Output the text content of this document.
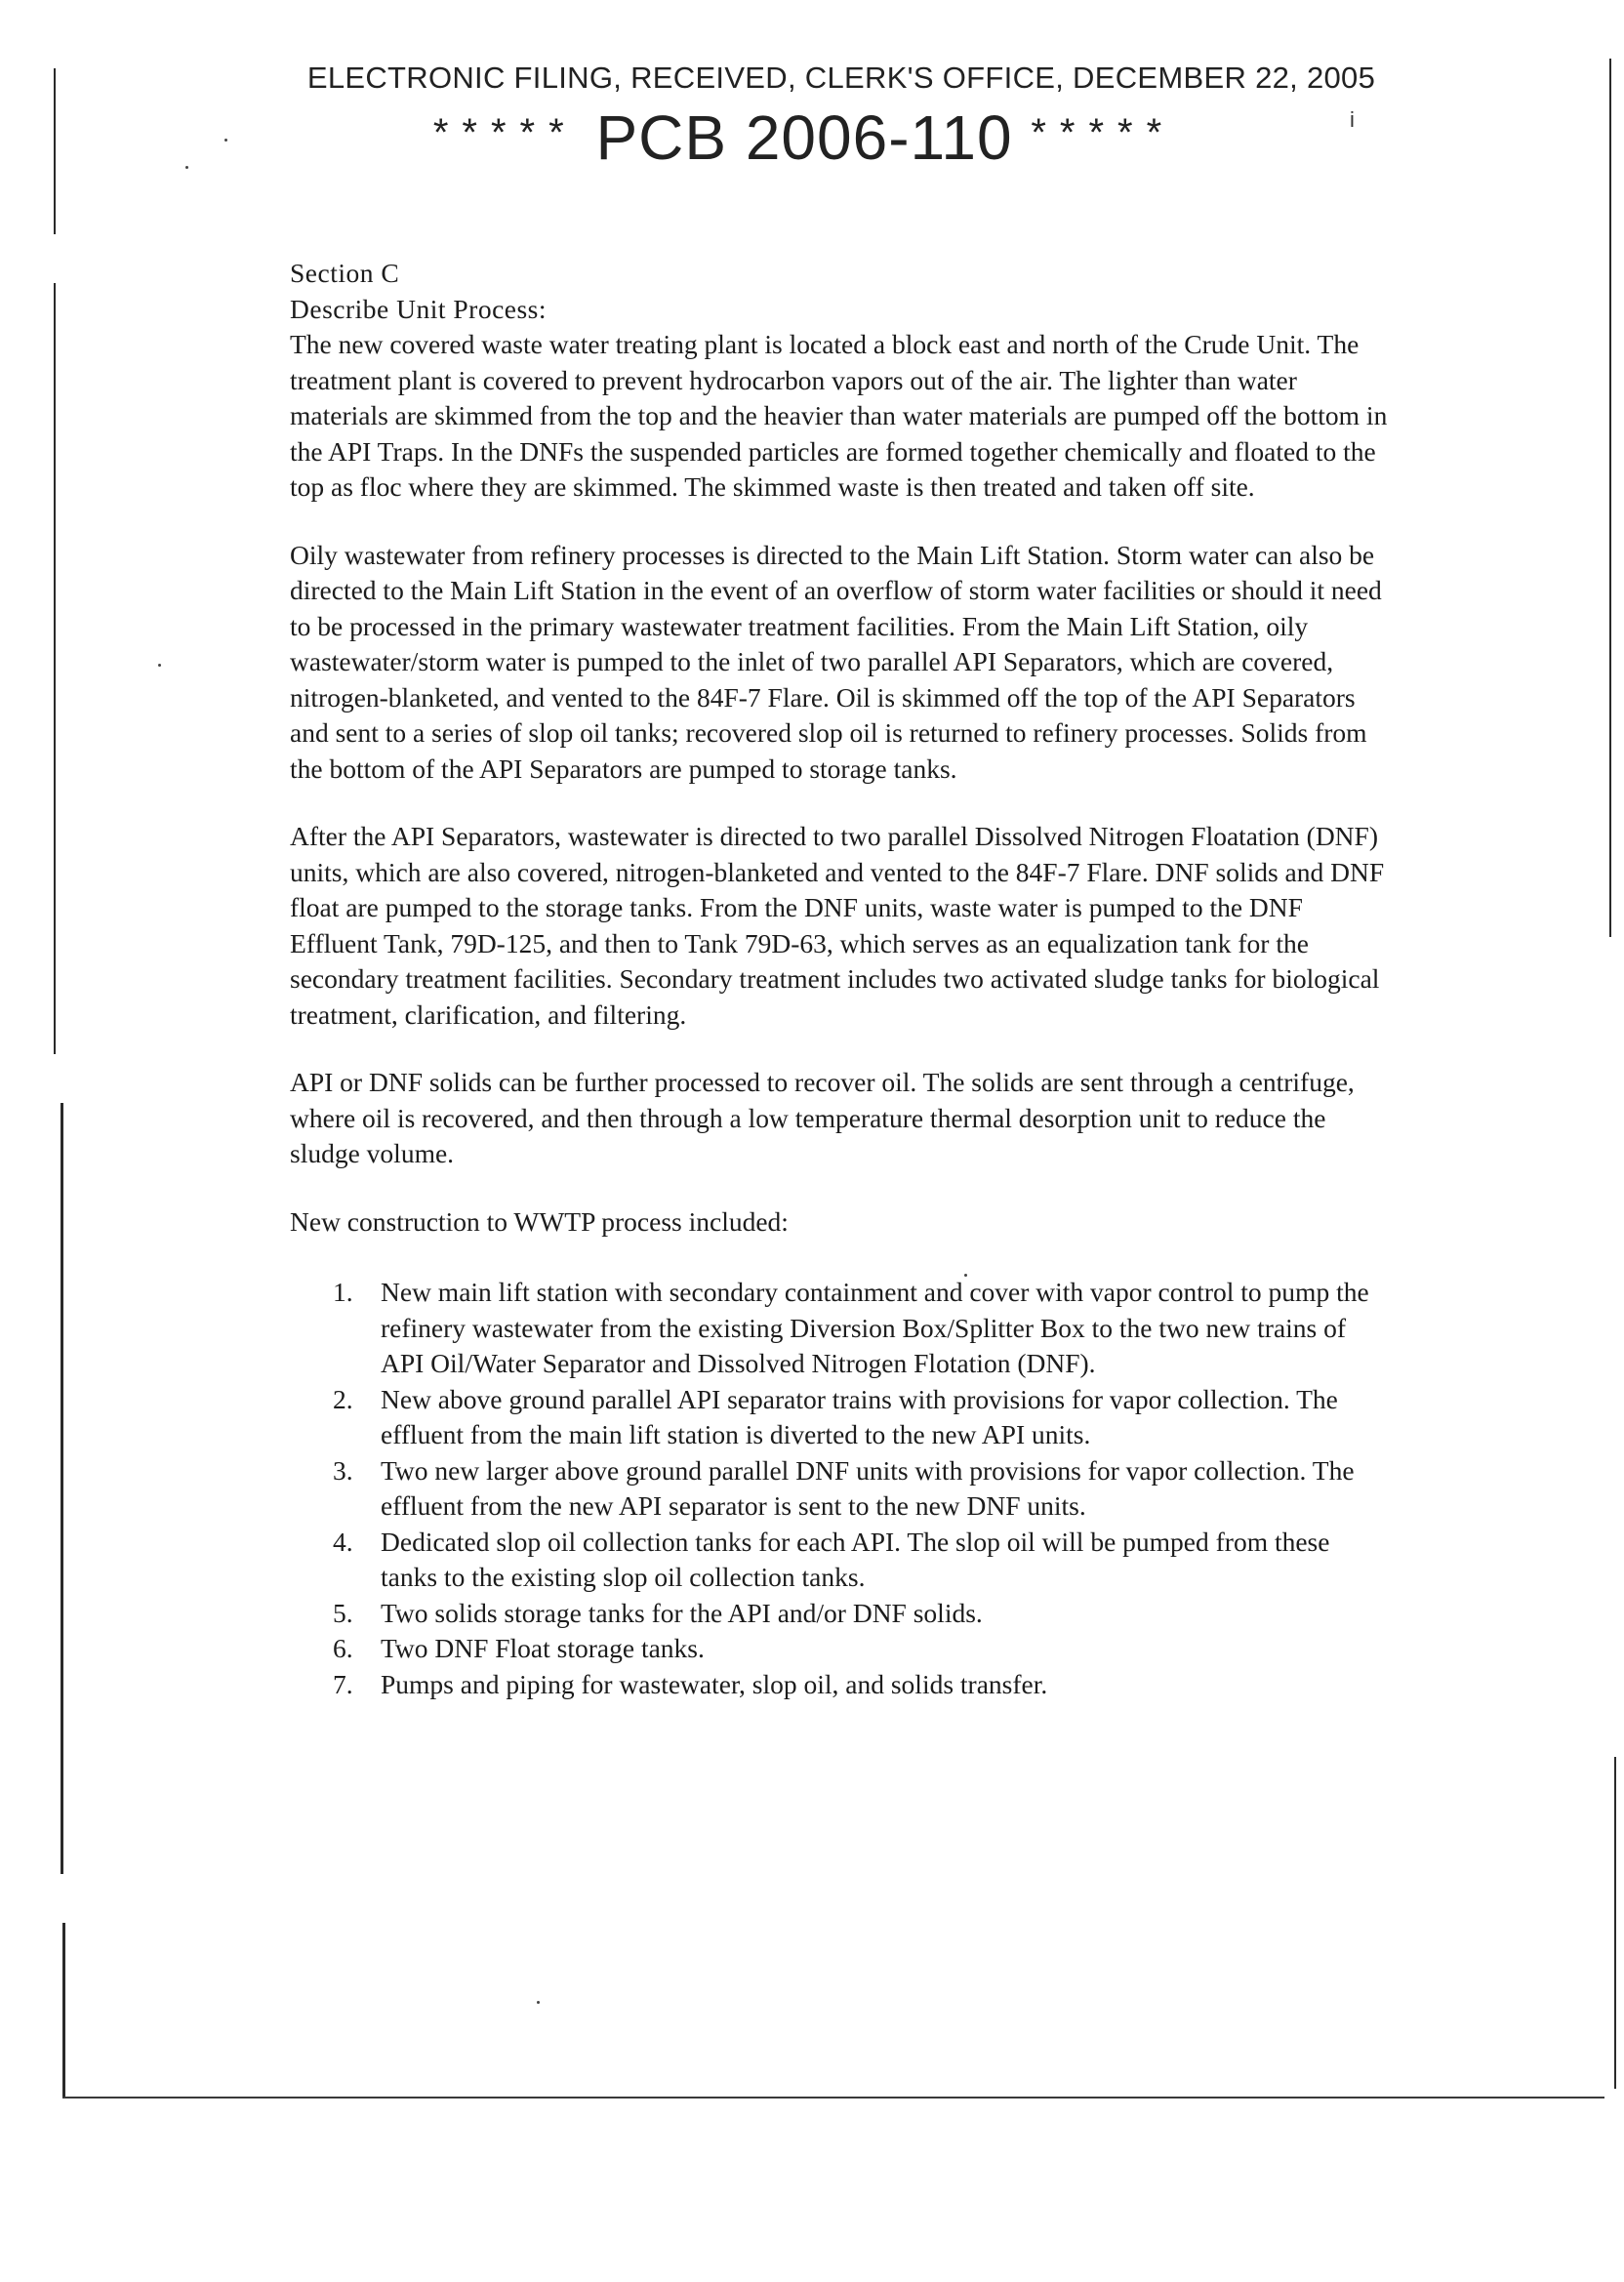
ELECTRONIC FILING, RECEIVED, CLERK'S OFFICE, DECEMBER 22, 2005
***** PCB 2006-110 *****	i
Section C
Describe Unit Process:

The new covered waste water treating plant is located a block east and north of the Crude Unit. The treatment plant is covered to prevent hydrocarbon vapors out of the air. The lighter than water materials are skimmed from the top and the heavier than water materials are pumped off the bottom in the API Traps. In the DNFs the suspended particles are formed together chemically and floated to the top as floc where they are skimmed. The skimmed waste is then treated and taken off site.

Oily wastewater from refinery processes is directed to the Main Lift Station. Storm water can also be directed to the Main Lift Station in the event of an overflow of storm water facilities or should it need to be processed in the primary wastewater treatment facilities. From the Main Lift Station, oily wastewater/storm water is pumped to the inlet of two parallel API Separators, which are covered, nitrogen-blanketed, and vented to the 84F-7 Flare. Oil is skimmed off the top of the API Separators and sent to a series of slop oil tanks; recovered slop oil is returned to refinery processes. Solids from the bottom of the API Separators are pumped to storage tanks.

After the API Separators, wastewater is directed to two parallel Dissolved Nitrogen Floatation (DNF) units, which are also covered, nitrogen-blanketed and vented to the 84F-7 Flare. DNF solids and DNF float are pumped to the storage tanks. From the DNF units, waste water is pumped to the DNF Effluent Tank, 79D-125, and then to Tank 79D-63, which serves as an equalization tank for the secondary treatment facilities. Secondary treatment includes two activated sludge tanks for biological treatment, clarification, and filtering.

API or DNF solids can be further processed to recover oil. The solids are sent through a centrifuge, where oil is recovered, and then through a low temperature thermal desorption unit to reduce the sludge volume.

New construction to WWTP process included:

1. New main lift station with secondary containment and cover with vapor control to pump the refinery wastewater from the existing Diversion Box/Splitter Box to the two new trains of API Oil/Water Separator and Dissolved Nitrogen Flotation (DNF).
2. New above ground parallel API separator trains with provisions for vapor collection. The effluent from the main lift station is diverted to the new API units.
3. Two new larger above ground parallel DNF units with provisions for vapor collection. The effluent from the new API separator is sent to the new DNF units.
4. Dedicated slop oil collection tanks for each API. The slop oil will be pumped from these tanks to the existing slop oil collection tanks.
5. Two solids storage tanks for the API and/or DNF solids.
6. Two DNF Float storage tanks.
7. Pumps and piping for wastewater, slop oil, and solids transfer.
